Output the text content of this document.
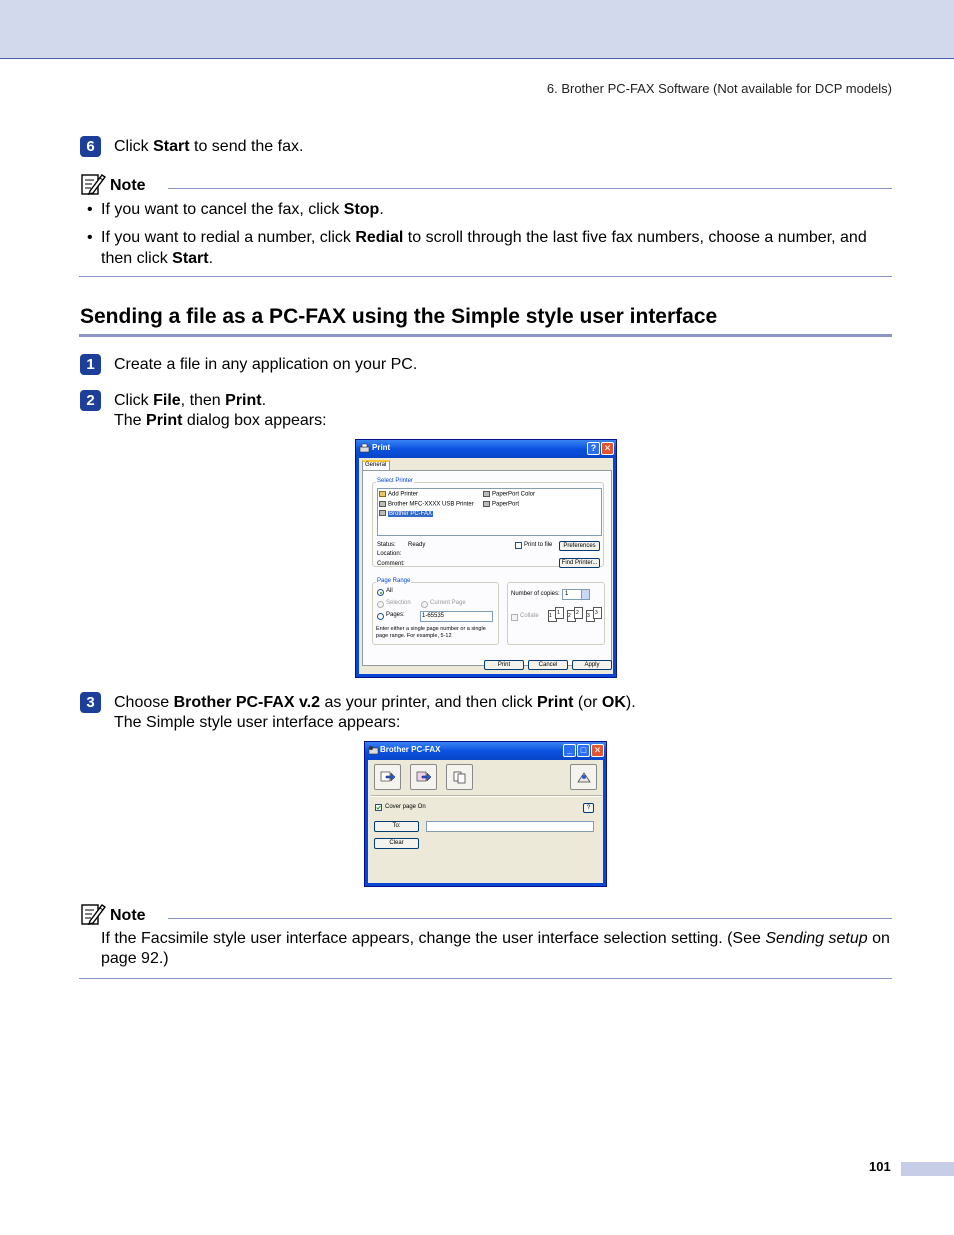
6. Brother PC-FAX Software (Not available for DCP models)
6	Click Start to send the fax.
Note
• If you want to cancel the fax, click Stop.
• If you want to redial a number, click Redial to scroll through the last five fax numbers, choose a number, and then click Start.
Sending a file as a PC-FAX using the Simple style user interface
1	Create a file in any application on your PC.
2	Click File, then Print.
The Print dialog box appears:
Print	? ✕
General
Select Printer
Add Printer
Brother MFC-XXXX USB Printer
Brother PC-FAX
PaperPort Color
PaperPort
Status: Ready
Location:
Comment:
Print to file	Preferences
Find Printer...
Page Range
All
Selection	Current Page
Pages:	1-65535
Enter either a single page number or a single
page range. For example, 5-12
Number of copies: 1
Collate 1 1 2 2 3 3
Print	Cancel	Apply
3	Choose Brother PC-FAX v.2 as your printer, and then click Print (or OK).
The Simple style user interface appears:
Brother PC-FAX	_ □ ✕
Cover page On	?
To:
Clear
Note
If the Facsimile style user interface appears, change the user interface selection setting. (See Sending setup on page 92.)
101
